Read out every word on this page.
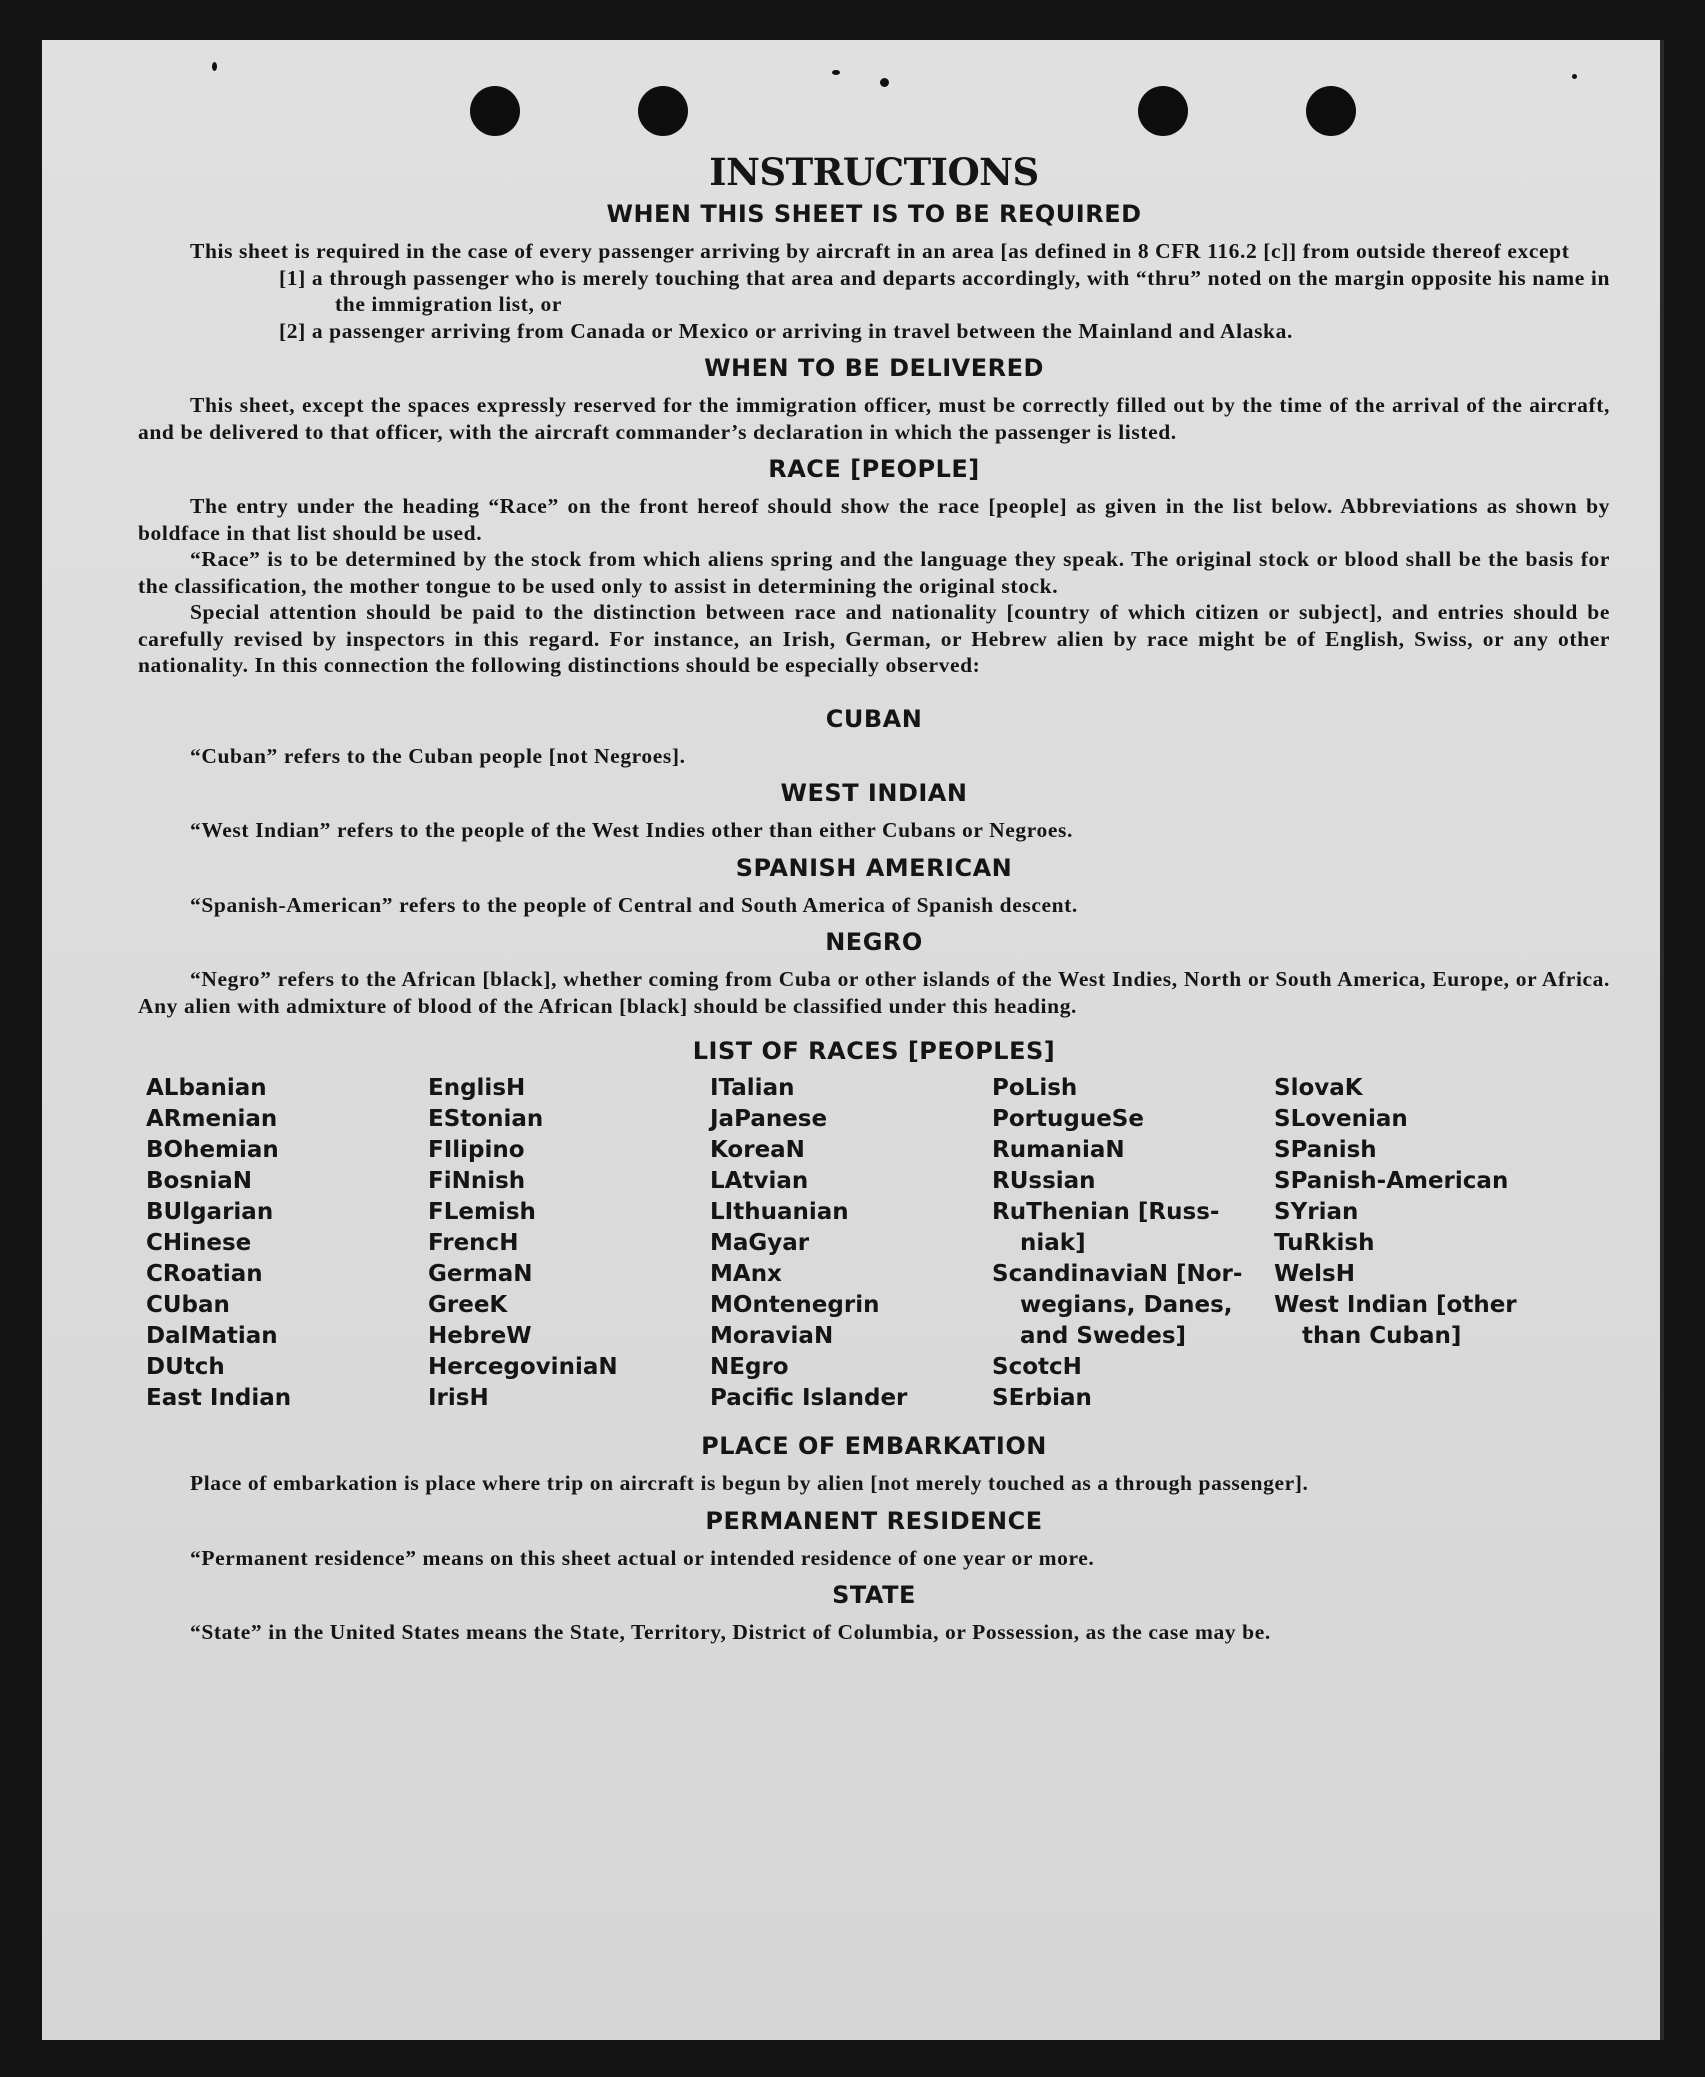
INSTRUCTIONS
WHEN THIS SHEET IS TO BE REQUIRED

This sheet is required in the case of every passenger arriving by aircraft in an area [as defined in 8 CFR 116.2 [c]] from outside thereof except

[1] a through passenger who is merely touching that area and departs accordingly, with “thru” noted on the margin opposite his name in the immigration list, or

[2] a passenger arriving from Canada or Mexico or arriving in travel between the Mainland and Alaska.

WHEN TO BE DELIVERED

This sheet, except the spaces expressly reserved for the immigration officer, must be correctly filled out by the time of the arrival of the aircraft, and be delivered to that officer, with the aircraft commander’s declaration in which the passenger is listed.

RACE [PEOPLE]

The entry under the heading “Race” on the front hereof should show the race [people] as given in the list below. Abbreviations as shown by boldface in that list should be used.

“Race” is to be determined by the stock from which aliens spring and the language they speak. The original stock or blood shall be the basis for the classification, the mother tongue to be used only to assist in determining the original stock.

Special attention should be paid to the distinction between race and nationality [country of which citizen or subject], and entries should be carefully revised by inspectors in this regard. For instance, an Irish, German, or Hebrew alien by race might be of English, Swiss, or any other nationality. In this connection the following distinctions should be especially observed:

CUBAN

“Cuban” refers to the Cuban people [not Negroes].

WEST INDIAN

“West Indian” refers to the people of the West Indies other than either Cubans or Negroes.

SPANISH AMERICAN

“Spanish-American” refers to the people of Central and South America of Spanish descent.

NEGRO

“Negro” refers to the African [black], whether coming from Cuba or other islands of the West Indies, North or South America, Europe, or Africa. Any alien with admixture of blood of the African [black] should be classified under this heading.

LIST OF RACES [PEOPLES]
ALbanian
ARmenian
BOhemian
BosniaN
BUlgarian
CHinese
CRoatian
CUban
DalMatian
DUtch
East Indian
EnglisH
EStonian
FIlipino
FiNnish
FLemish
FrencH
GermaN
GreeK
HebreW
HercegoviniaN
IrisH
ITalian
JaPanese
KoreaN
LAtvian
LIthuanian
MaGyar
MAnx
MOntenegrin
MoraviaN
NEgro
Pacific Islander
PoLish
PortugueSe
RumaniaN
RUssian
RuThenian [Russ-
niak]
ScandinaviaN [Nor-
wegians, Danes,
and Swedes]
ScotcH
SErbian
SlovaK
SLovenian
SPanish
SPanish-American
SYrian
TuRkish
WelsH
West Indian [other
than Cuban]
PLACE OF EMBARKATION

Place of embarkation is place where trip on aircraft is begun by alien [not merely touched as a through passenger].

PERMANENT RESIDENCE

“Permanent residence” means on this sheet actual or intended residence of one year or more.

STATE

“State” in the United States means the State, Territory, District of Columbia, or Possession, as the case may be.
